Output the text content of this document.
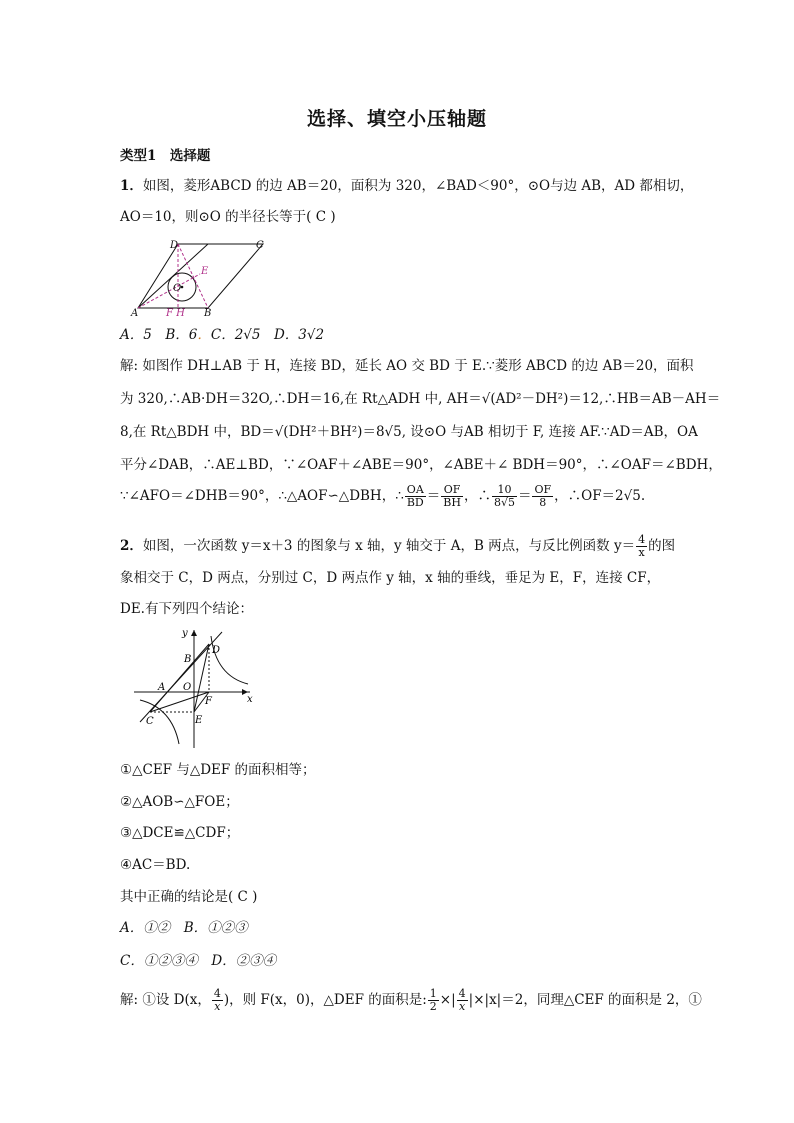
选择、填空小压轴题
类型1　选择题
1．如图，菱形ABCD 的边 AB＝20，面积为 320，∠BAD＜90°，⊙O与边 AB，AD 都相切，
AO＝10，则⊙O 的半径长等于( C )
D	C
A	B
O
E
F H
A．5　B．6．C．2√5　 D．3√2
解: 如图作 DH⊥AB 于 H，连接 BD，延长 AO 交 BD 于 E.∵菱形 ABCD 的边 AB＝20，面积
为 320,∴AB·DH＝32O,∴DH＝16,在 Rt△ADH 中, AH＝√(AD²－DH²)＝12,∴HB＝AB－AH＝
8,在 Rt△BDH 中，BD＝√(DH²＋BH²)＝8√5, 设⊙O 与AB 相切于 F, 连接 AF.∵AD＝AB，OA
平分∠DAB，∴AE⊥BD，∵∠OAF＋∠ABE＝90°，∠ABE＋∠ BDH＝90°，∴∠OAF＝∠BDH，
∵∠AFO＝∠DHB＝90°，∴△AOF∽△DBH，∴ $\frac{OA}{BD} = \frac{OF}{BH}$ ，∴ $\frac{10}{8√5} = \frac{OF}{8}$ ，∴OF＝2√5.
2．如图，一次函数 y＝x＋3 的图象与 x 轴，y 轴交于 A，B 两点，与反比例函数 $y= \frac{4}{x}$ 的图
象相交于 C，D 两点，分别过 C，D 两点作 y 轴，x 轴的垂线，垂足为 E，F，连接 CF，
DE.有下列四个结论：
y
x
B
D
A O
F
C	E
①△CEF 与△DEF 的面积相等；
②△AOB∽△FOE；
③△DCE≌△CDF；
④AC＝BD.
其中正确的结论是( C )
A．①②　B．①②③
C．①②③④　D．②③④
解: ①设 D(x， $\frac{4}{x}$ )，则 F(x，0)，△DEF 的面积是: $\frac{1}{2}$ ×| $\frac{4}{x} |\times|x|=2$，同理△CEF 的面积是 2，①
